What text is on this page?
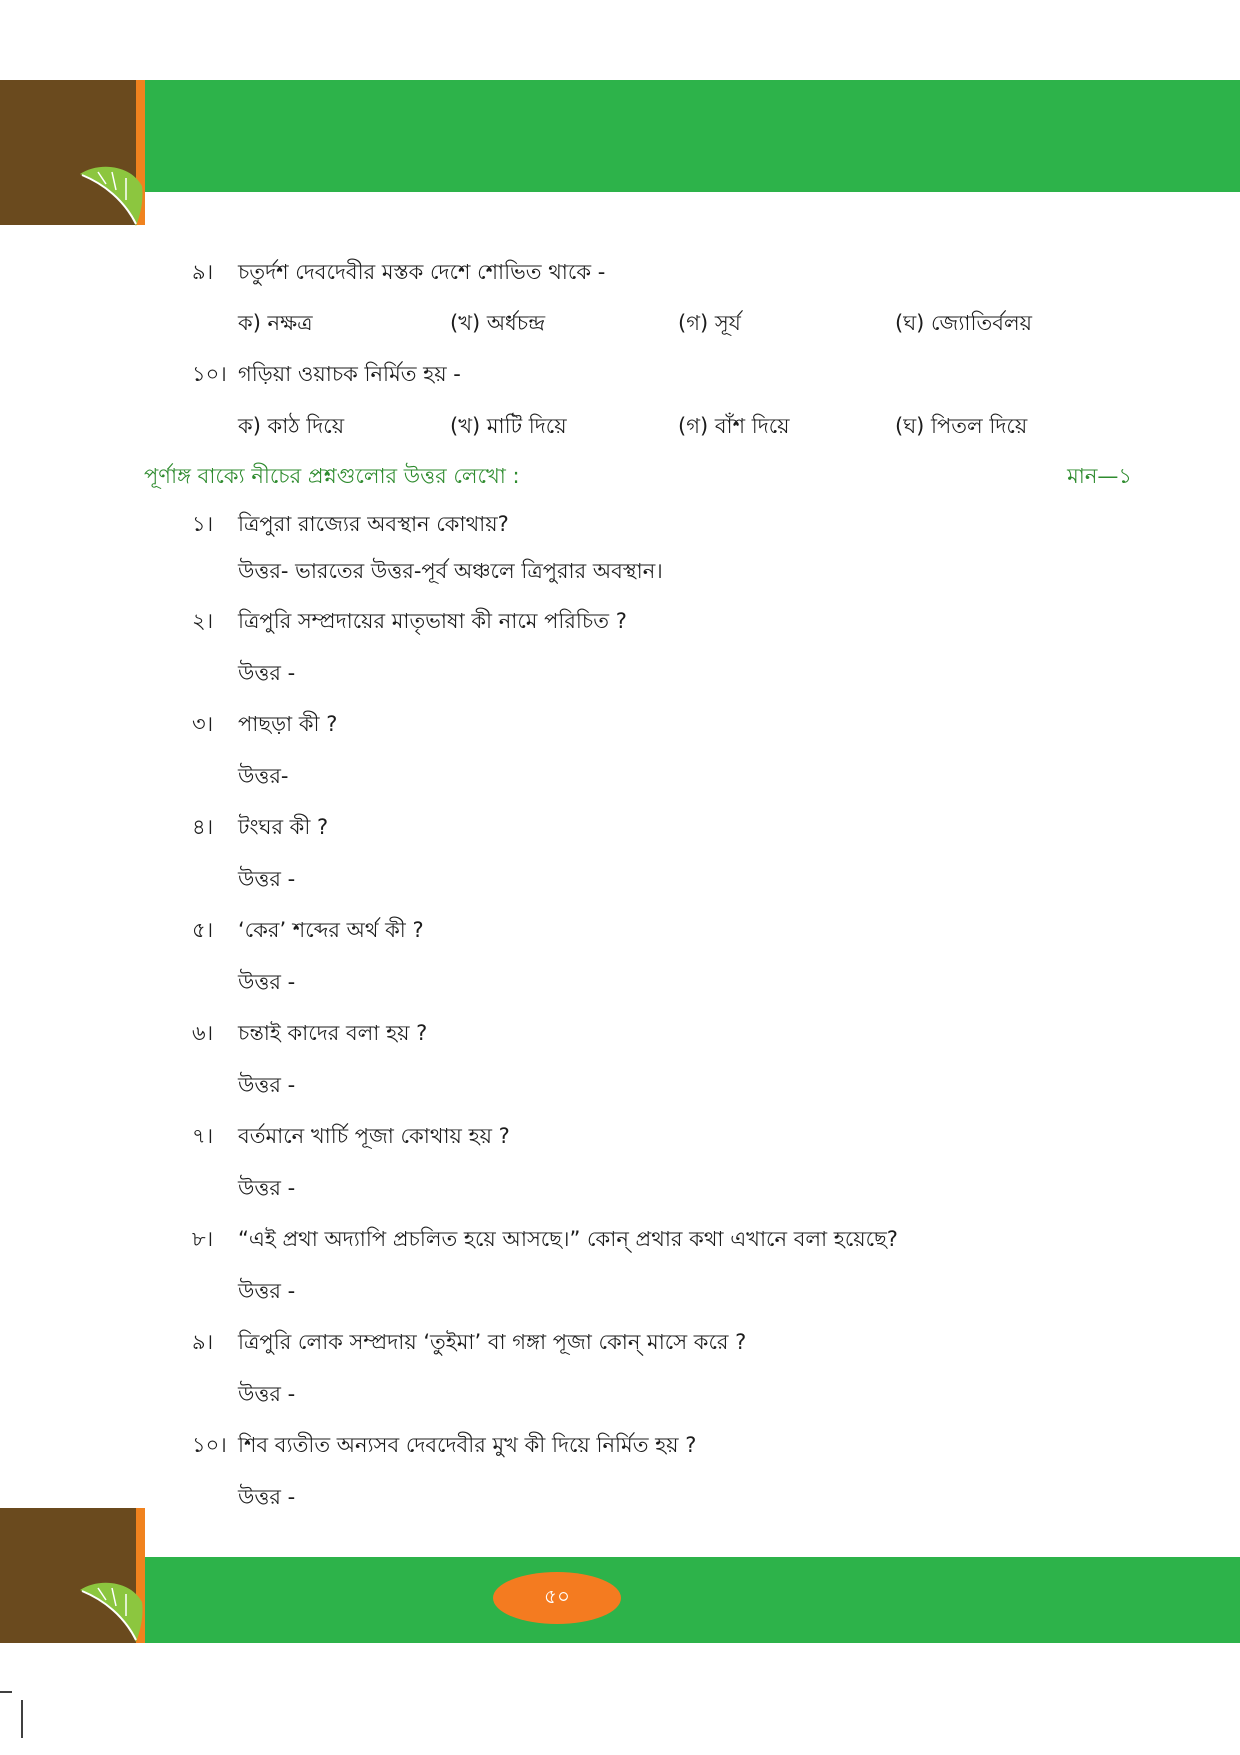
৯। চতুর্দশ দেবদেবীর মস্তক দেশে শোভিত থাকে -
ক) নক্ষত্র	(খ) অর্ধচন্দ্র	(গ) সূর্য	(ঘ) জ্যোতির্বলয়
১০। গড়িয়া ওয়াচক নির্মিত হয় -
ক) কাঠ দিয়ে	(খ) মাটি দিয়ে	(গ) বাঁশ দিয়ে	(ঘ) পিতল দিয়ে
পূর্ণাঙ্গ বাক্যে নীচের প্রশ্নগুলোর উত্তর লেখো :	মান—১
১। ত্রিপুরা রাজ্যের অবস্থান কোথায়?
উত্তর- ভারতের উত্তর-পূর্ব অঞ্চলে ত্রিপুরার অবস্থান।
২। ত্রিপুরি সম্প্রদায়ের মাতৃভাষা কী নামে পরিচিত ?
উত্তর -
৩। পাছড়া কী ?
উত্তর-
৪। টংঘর কী ?
উত্তর -
৫। ‘কের’ শব্দের অর্থ কী ?
উত্তর -
৬। চন্তাই কাদের বলা হয় ?
উত্তর -
৭। বর্তমানে খার্চি পূজা কোথায় হয় ?
উত্তর -
৮। “এই প্রথা অদ্যাপি প্রচলিত হয়ে আসছে।” কোন্ প্রথার কথা এখানে বলা হয়েছে?
উত্তর -
৯। ত্রিপুরি লোক সম্প্রদায় ‘তুইমা’ বা গঙ্গা পূজা কোন্ মাসে করে ?
উত্তর -
১০। শিব ব্যতীত অন্যসব দেবদেবীর মুখ কী দিয়ে নির্মিত হয় ?
উত্তর -
৫০
